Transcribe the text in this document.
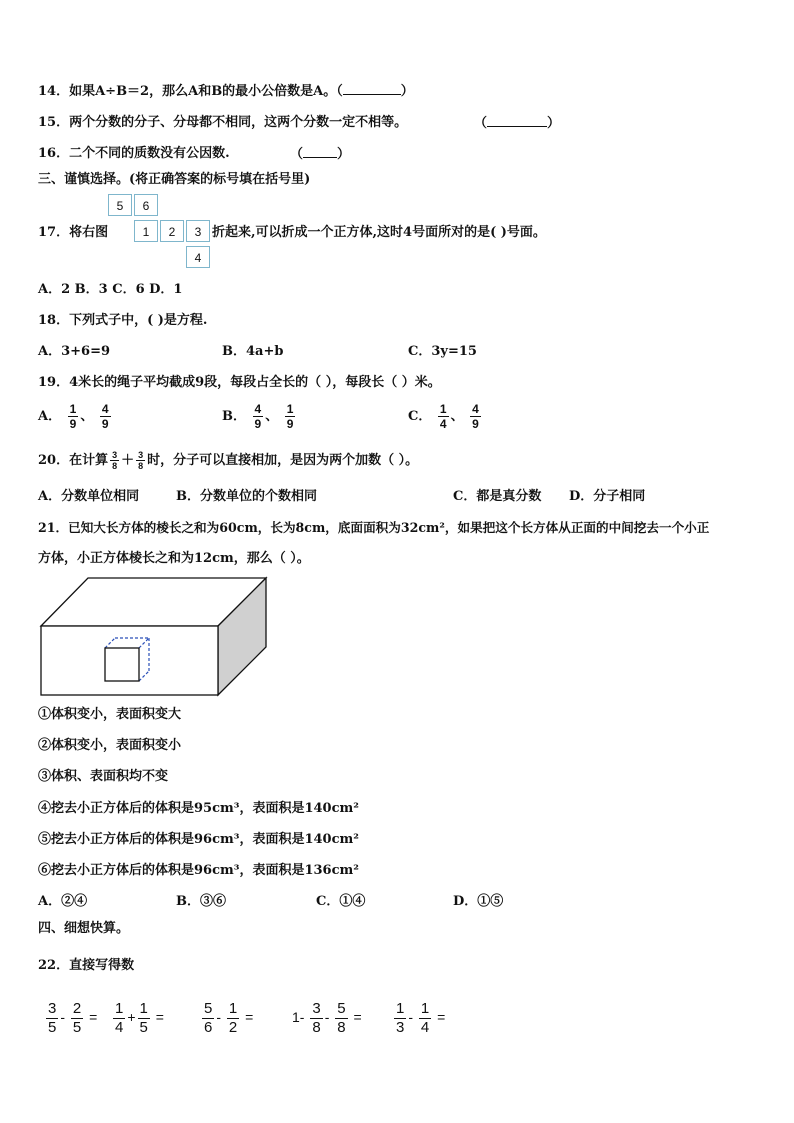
14．如果A÷B＝2，那么A和B的最小公倍数是A。（	）
15．两个分数的分子、分母都不相同，这两个分数一定不相等。	（	）
16．二个不同的质数没有公因数.	（	）
三、谨慎选择。(将正确答案的标号填在括号里)
5	6
1	2	3
4
17．将右图	折起来,可以折成一个正方体,这时4号面所对的是( )号面。
A．2 B．3 C．6 D．1
18．下列式子中，( )是方程.
A．3+6=9	B．4a+b	C．3y=15
19．4米长的绳子平均截成9段，每段占全长的（ ），每段长（ ）米。
A． $\frac{1}{9}$ 、 $\frac{4}{9}$	B． $\frac{4}{9}$ 、 $\frac{1}{9}$	C． $\frac{1}{4}$ 、 $\frac{4}{9}$
20．在计算 $\frac{3}{8} + \frac{3}{8}$ 时，分子可以直接相加，是因为两个加数（ ）。
A．分数单位相同	B．分数单位的个数相同	C．都是真分数 D．分子相同
21．已知大长方体的棱长之和为60cm，长为8cm，底面面积为32cm²，如果把这个长方体从正面的中间挖去一个小正
方体，小正方体棱长之和为12cm，那么（ ）。
①体积变小，表面积变大
②体积变小，表面积变小
③体积、表面积均不变
④挖去小正方体后的体积是95cm³，表面积是140cm²
⑤挖去小正方体后的体积是96cm³，表面积是140cm²
⑥挖去小正方体后的体积是96cm³，表面积是136cm²
A．②④	B．③⑥	C．①④	D．①⑤
四、细想快算。
22．直接写得数
$\frac{3}{5} - \frac{2}{5} = \frac{1}{4} + \frac{1}{5}$ =	$\frac{5}{6} - \frac{1}{2}$ =	$1- \frac{3}{8} - \frac{5}{8} = \frac{1}{3} - \frac{1}{4}$ =
